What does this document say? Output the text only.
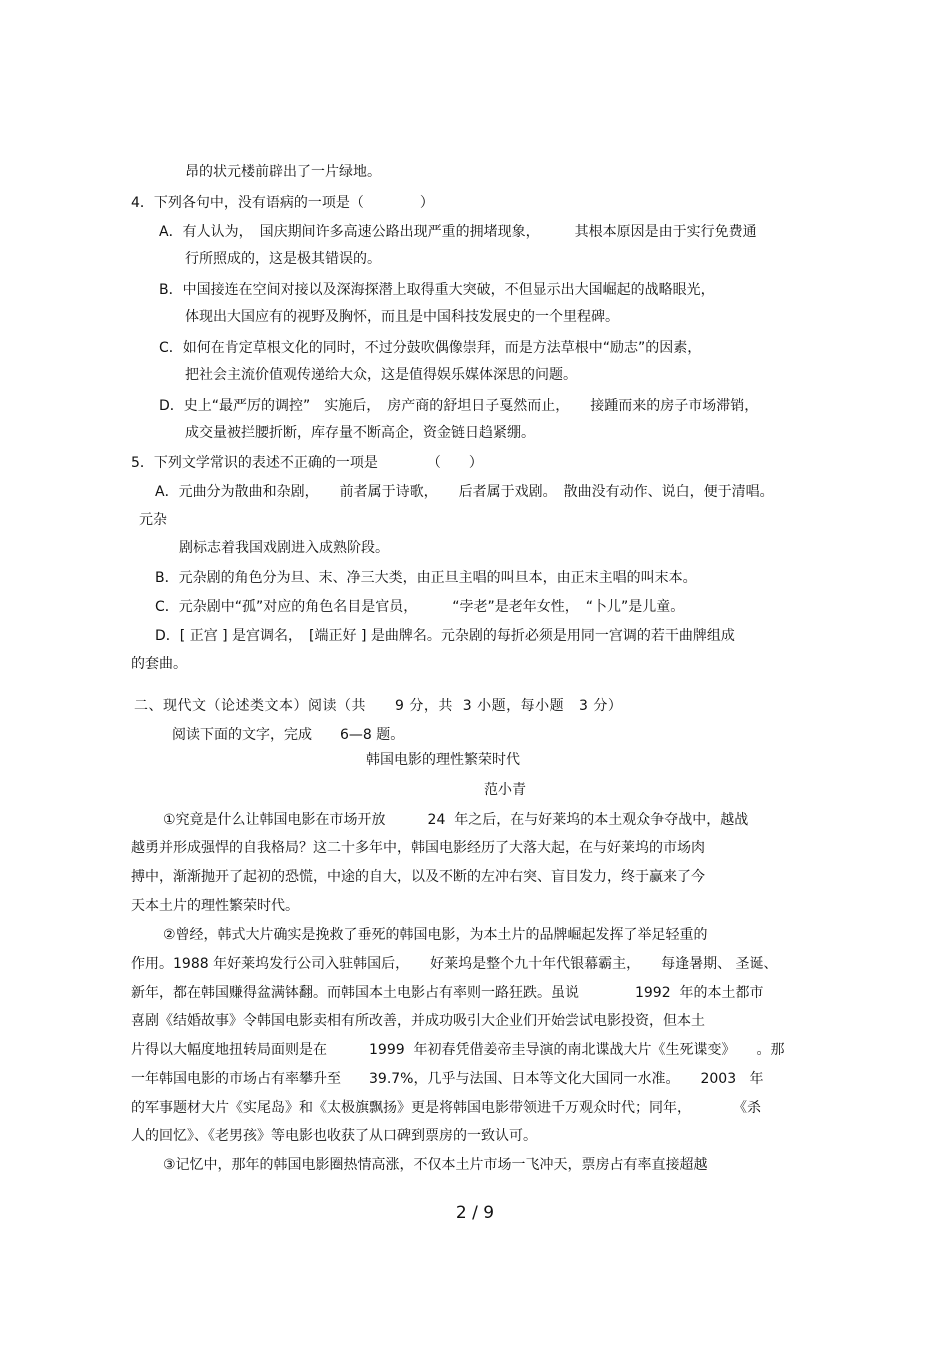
昂的状元楼前辟出了一片绿地。
4．下列各句中，没有语病的一项是（　　　　）
A．有人认为，　国庆期间许多高速公路出现严重的拥堵现象，　　　其根本原因是由于实行免费通
行所照成的，这是极其错误的。
B．中国接连在空间对接以及深海探潜上取得重大突破，不但显示出大国崛起的战略眼光，
体现出大国应有的视野及胸怀，而且是中国科技发展史的一个里程碑。
C．如何在肯定草根文化的同时，不过分鼓吹偶像崇拜，而是方法草根中“励志”的因素，
把社会主流价值观传递给大众，这是值得娱乐媒体深思的问题。
D．史上“最严厉的调控”　实施后，　房产商的舒坦日子戛然而止，　　接踵而来的房子市场滞销，
成交量被拦腰折断，库存量不断高企，资金链日趋紧绷。
5．下列文学常识的表述不正确的一项是　　　　（　　）
A．元曲分为散曲和杂剧，　　前者属于诗歌，　　后者属于戏剧。　散曲没有动作、说白，便于清唱。
元杂
剧标志着我国戏剧进入成熟阶段。
B．元杂剧的角色分为旦、末、净三大类，由正旦主唱的叫旦本，由正末主唱的叫末本。
C．元杂剧中“孤”对应的角色名目是官员，　　　“孛老”是老年女性，　“卜儿”是儿童。
D．[ 正宫 ] 是宫调名，　[端正好 ] 是曲牌名。元杂剧的每折必须是用同一宫调的若干曲牌组成
的套曲。
二、现代文（论述类文本）阅读（共　　9 分，共  3 小题，每小题   3 分）
阅读下面的文字，完成　　6—8 题。
韩国电影的理性繁荣时代
范小青
①究竟是什么让韩国电影在市场开放　　　24  年之后，在与好莱坞的本土观众争夺战中，越战
越勇并形成强悍的自我格局？这二十多年中，韩国电影经历了大落大起，在与好莱坞的市场肉
搏中，渐渐抛开了起初的恐慌，中途的自大，以及不断的左冲右突、盲目发力，终于赢来了今
天本土片的理性繁荣时代。
②曾经，韩式大片确实是挽救了垂死的韩国电影，为本土片的品牌崛起发挥了举足轻重的
作用。1988 年好莱坞发行公司入驻韩国后，　　好莱坞是整个九十年代银幕霸主，　　每逢暑期、 圣诞、
新年，都在韩国赚得盆满钵翻。而韩国本土电影占有率则一路狂跌。虽说　　　　1992  年的本土都市
喜剧《结婚故事》令韩国电影卖相有所改善，并成功吸引大企业们开始尝试电影投资，但本土
片得以大幅度地扭转局面则是在　　　1999  年初春凭借姜帝圭导演的南北谍战大片《生死谍变》　　。那
一年韩国电影的市场占有率攀升至　　39.7%，几乎与法国、日本等文化大国同一水准。　　2003   年
的军事题材大片《实尾岛》和《太极旗飘扬》更是将韩国电影带领进千万观众时代；同年，　　　　《杀
人的回忆》、《老男孩》等电影也收获了从口碑到票房的一致认可。
③记忆中，那年的韩国电影圈热情高涨，不仅本土片市场一飞冲天，票房占有率直接超越
2 / 9
